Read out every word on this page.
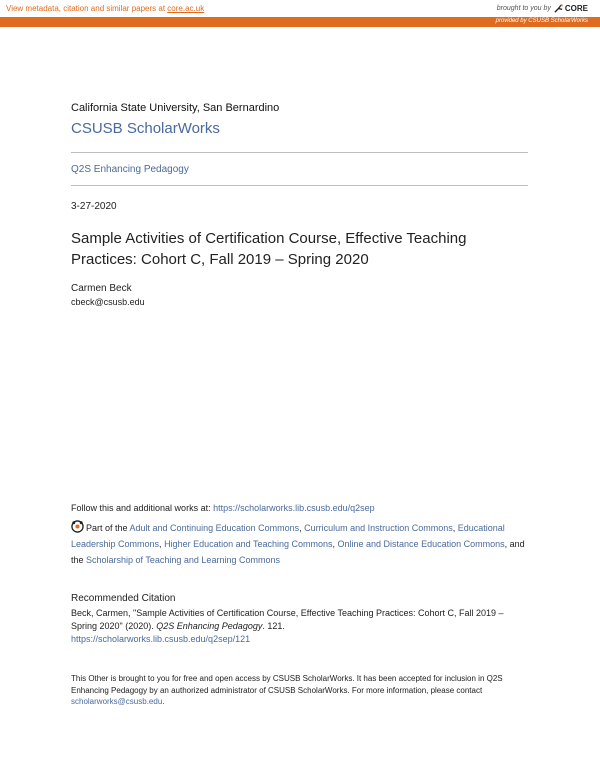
View metadata, citation and similar papers at core.ac.uk	brought to you by CORE
provided by CSUSB ScholarWorks
California State University, San Bernardino
CSUSB ScholarWorks
Q2S Enhancing Pedagogy
3-27-2020
Sample Activities of Certification Course, Effective Teaching Practices: Cohort C, Fall 2019 – Spring 2020
Carmen Beck
cbeck@csusb.edu
Follow this and additional works at: https://scholarworks.lib.csusb.edu/q2sep
Part of the Adult and Continuing Education Commons, Curriculum and Instruction Commons, Educational Leadership Commons, Higher Education and Teaching Commons, Online and Distance Education Commons, and the Scholarship of Teaching and Learning Commons
Recommended Citation
Beck, Carmen, "Sample Activities of Certification Course, Effective Teaching Practices: Cohort C, Fall 2019 – Spring 2020" (2020). Q2S Enhancing Pedagogy. 121.
https://scholarworks.lib.csusb.edu/q2sep/121
This Other is brought to you for free and open access by CSUSB ScholarWorks. It has been accepted for inclusion in Q2S Enhancing Pedagogy by an authorized administrator of CSUSB ScholarWorks. For more information, please contact scholarworks@csusb.edu.
